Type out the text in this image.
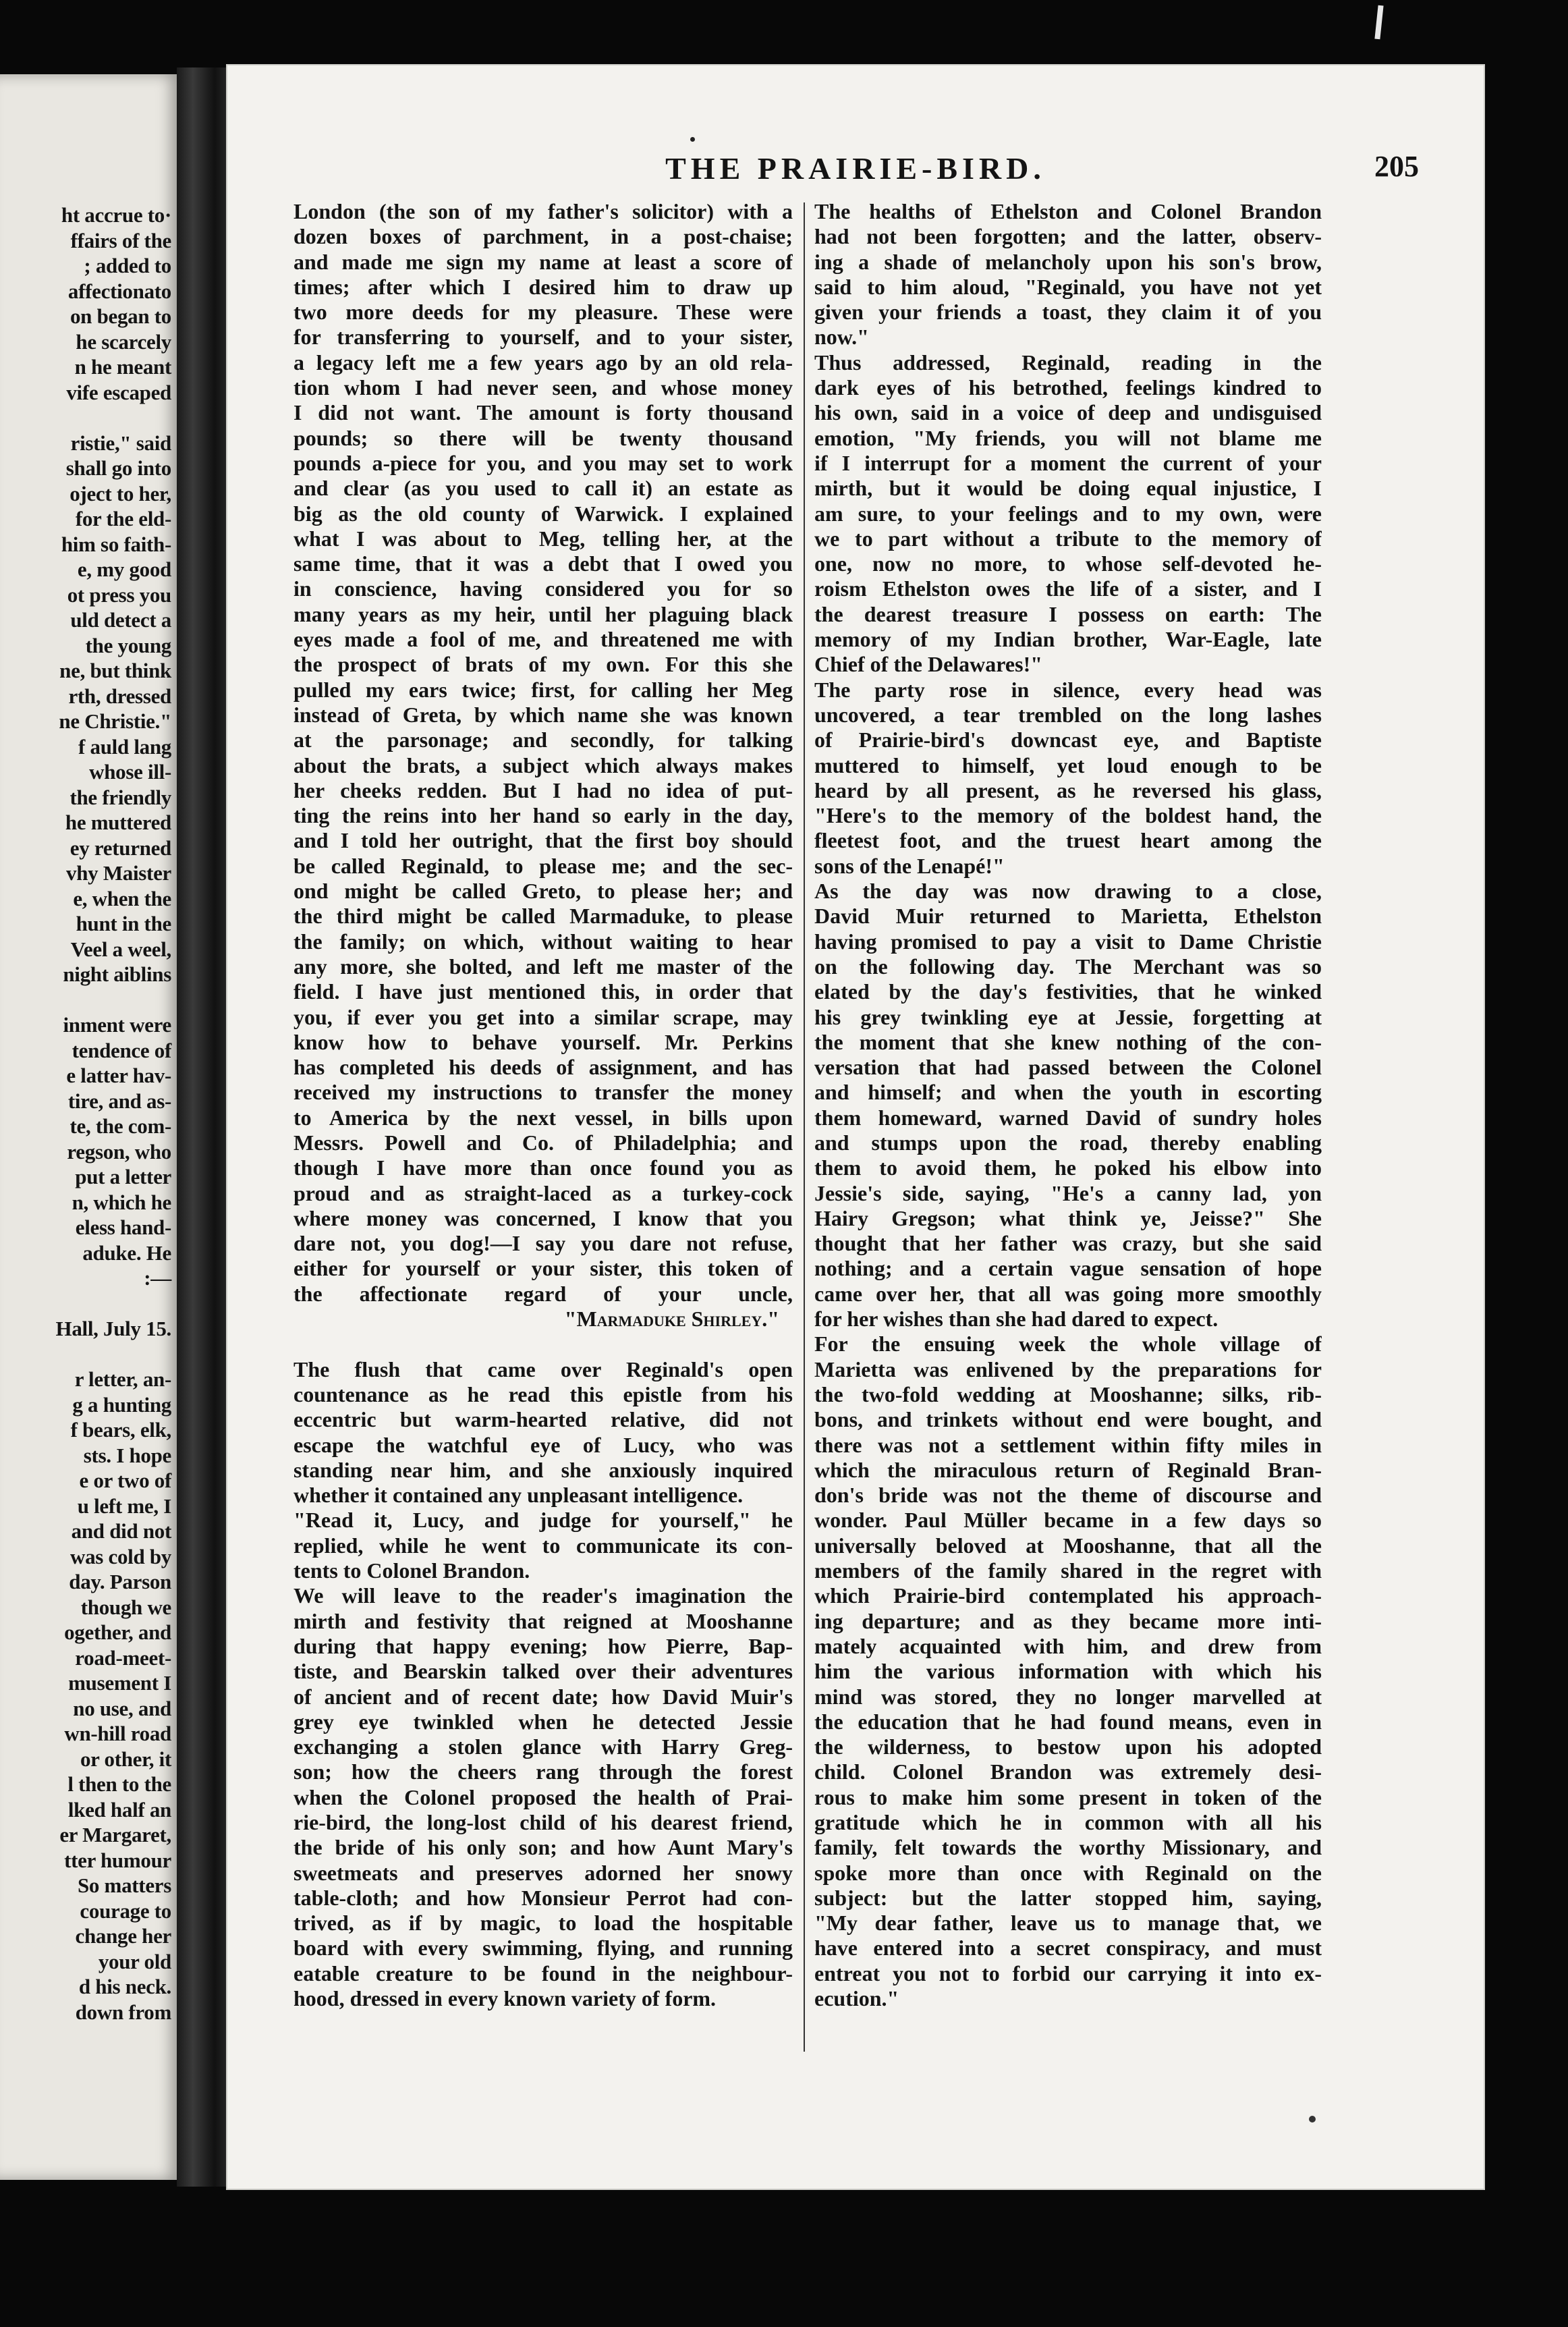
ht accrue to·
ffairs of the
; added to
affectionato
on began to
he scarcely
n he meant
vife escaped
ristie," said
shall go into
oject to her,
for the eld-
him so faith-
e, my good
ot press you
uld detect a
the young
ne, but think
rth, dressed
ne Christie."
f auld lang
whose ill-
the friendly
he muttered
ey returned
vhy Maister
e, when the
hunt in the
Veel a weel,
night aiblins
inment were
tendence of
e latter hav-
tire, and as-
te, the com-
regson, who
put a letter
n, which he
eless hand-
aduke. He
:—
Hall, July 15.
r letter, an-
g a hunting
f bears, elk,
sts. I hope
e or two of
u left me, I
and did not
was cold by
day. Parson
though we
ogether, and
road-meet-
musement I
no use, and
wn-hill road
or other, it
l then to the
lked half an
er Margaret,
tter humour
So matters
courage to
change her
your old
d his neck.
down from
THE PRAIRIE-BIRD.	205
London (the son of my father's solicitor) with a
dozen boxes of parchment, in a post-chaise;
and made me sign my name at least a score of
times; after which I desired him to draw up
two more deeds for my pleasure. These were
for transferring to yourself, and to your sister,
a legacy left me a few years ago by an old rela-
tion whom I had never seen, and whose money
I did not want. The amount is forty thousand
pounds; so there will be twenty thousand
pounds a-piece for you, and you may set to work
and clear (as you used to call it) an estate as
big as the old county of Warwick. I explained
what I was about to Meg, telling her, at the
same time, that it was a debt that I owed you
in conscience, having considered you for so
many years as my heir, until her plaguing black
eyes made a fool of me, and threatened me with
the prospect of brats of my own. For this she
pulled my ears twice; first, for calling her Meg
instead of Greta, by which name she was known
at the parsonage; and secondly, for talking
about the brats, a subject which always makes
her cheeks redden. But I had no idea of put-
ting the reins into her hand so early in the day,
and I told her outright, that the first boy should
be called Reginald, to please me; and the sec-
ond might be called Greto, to please her; and
the third might be called Marmaduke, to please
the family; on which, without waiting to hear
any more, she bolted, and left me master of the
field. I have just mentioned this, in order that
you, if ever you get into a similar scrape, may
know how to behave yourself. Mr. Perkins
has completed his deeds of assignment, and has
received my instructions to transfer the money
to America by the next vessel, in bills upon
Messrs. Powell and Co. of Philadelphia; and
though I have more than once found you as
proud and as straight-laced as a turkey-cock
where money was concerned, I know that you
dare not, you dog!—I say you dare not refuse,
either for yourself or your sister, this token of
the affectionate regard of your uncle,
"Marmaduke Shirley."
The flush that came over Reginald's open
countenance as he read this epistle from his
eccentric but warm-hearted relative, did not
escape the watchful eye of Lucy, who was
standing near him, and she anxiously inquired
whether it contained any unpleasant intelligence.
"Read it, Lucy, and judge for yourself," he
replied, while he went to communicate its con-
tents to Colonel Brandon.
We will leave to the reader's imagination the
mirth and festivity that reigned at Mooshanne
during that happy evening; how Pierre, Bap-
tiste, and Bearskin talked over their adventures
of ancient and of recent date; how David Muir's
grey eye twinkled when he detected Jessie
exchanging a stolen glance with Harry Greg-
son; how the cheers rang through the forest
when the Colonel proposed the health of Prai-
rie-bird, the long-lost child of his dearest friend,
the bride of his only son; and how Aunt Mary's
sweetmeats and preserves adorned her snowy
table-cloth; and how Monsieur Perrot had con-
trived, as if by magic, to load the hospitable
board with every swimming, flying, and running
eatable creature to be found in the neighbour-
hood, dressed in every known variety of form.
The healths of Ethelston and Colonel Brandon
had not been forgotten; and the latter, observ-
ing a shade of melancholy upon his son's brow,
said to him aloud, "Reginald, you have not yet
given your friends a toast, they claim it of you
now."
Thus addressed, Reginald, reading in the
dark eyes of his betrothed, feelings kindred to
his own, said in a voice of deep and undisguised
emotion, "My friends, you will not blame me
if I interrupt for a moment the current of your
mirth, but it would be doing equal injustice, I
am sure, to your feelings and to my own, were
we to part without a tribute to the memory of
one, now no more, to whose self-devoted he-
roism Ethelston owes the life of a sister, and I
the dearest treasure I possess on earth: The
memory of my Indian brother, War-Eagle, late
Chief of the Delawares!"
The party rose in silence, every head was
uncovered, a tear trembled on the long lashes
of Prairie-bird's downcast eye, and Baptiste
muttered to himself, yet loud enough to be
heard by all present, as he reversed his glass,
"Here's to the memory of the boldest hand, the
fleetest foot, and the truest heart among the
sons of the Lenapé!"
As the day was now drawing to a close,
David Muir returned to Marietta, Ethelston
having promised to pay a visit to Dame Christie
on the following day. The Merchant was so
elated by the day's festivities, that he winked
his grey twinkling eye at Jessie, forgetting at
the moment that she knew nothing of the con-
versation that had passed between the Colonel
and himself; and when the youth in escorting
them homeward, warned David of sundry holes
and stumps upon the road, thereby enabling
them to avoid them, he poked his elbow into
Jessie's side, saying, "He's a canny lad, yon
Hairy Gregson; what think ye, Jeisse?" She
thought that her father was crazy, but she said
nothing; and a certain vague sensation of hope
came over her, that all was going more smoothly
for her wishes than she had dared to expect.
For the ensuing week the whole village of
Marietta was enlivened by the preparations for
the two-fold wedding at Mooshanne; silks, rib-
bons, and trinkets without end were bought, and
there was not a settlement within fifty miles in
which the miraculous return of Reginald Bran-
don's bride was not the theme of discourse and
wonder. Paul Müller became in a few days so
universally beloved at Mooshanne, that all the
members of the family shared in the regret with
which Prairie-bird contemplated his approach-
ing departure; and as they became more inti-
mately acquainted with him, and drew from
him the various information with which his
mind was stored, they no longer marvelled at
the education that he had found means, even in
the wilderness, to bestow upon his adopted
child. Colonel Brandon was extremely desi-
rous to make him some present in token of the
gratitude which he in common with all his
family, felt towards the worthy Missionary, and
spoke more than once with Reginald on the
subject: but the latter stopped him, saying,
"My dear father, leave us to manage that, we
have entered into a secret conspiracy, and must
entreat you not to forbid our carrying it into ex-
ecution."
